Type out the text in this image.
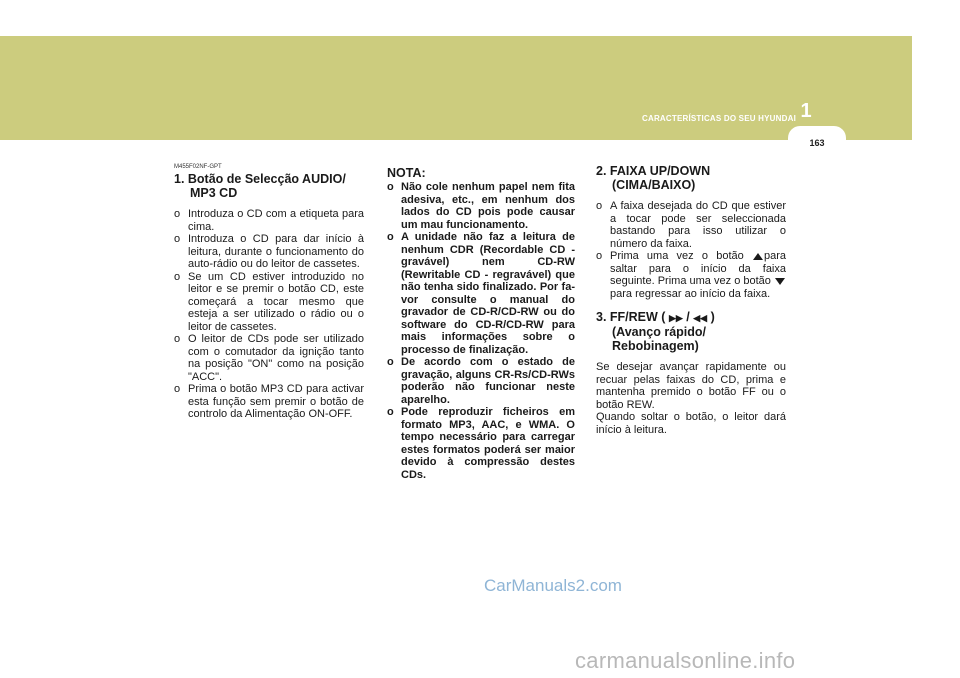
CARACTERÍSTICAS DO SEU HYUNDAI 1
163
M455F02NF-GPT
1. Botão de Selecção AUDIO/
MP3 CD
o Introduza o CD com a etiqueta para cima.
o Introduza o CD para dar início à leitura, durante o funcionamento do auto-rádio ou do leitor de cassetes.
o Se um CD estiver introduzido no leitor e se premir o botão CD, este começará a tocar mesmo que esteja a ser utilizado o rádio ou o leitor de cassetes.
o O leitor de CDs pode ser utilizado com o comutador da ignição tanto na posição "ON" como na posição "ACC".
o Prima o botão MP3 CD para activar esta função sem premir o botão de controlo da Alimentação ON-OFF.
NOTA:
o Não cole nenhum papel nem fita adesiva, etc., em nenhum dos lados do CD pois pode causar um mau funcionamento.
o A unidade não faz a leitura de nenhum CDR (Recordable CD - gravável) nem CD-RW (Rewritable CD - regravável) que não tenha sido finalizado. Por fa-vor consulte o manual do gravador de CD-R/CD-RW ou do software do CD-R/CD-RW para mais informações sobre o processo de finalização.
o De acordo com o estado de gravação, alguns CR-Rs/CD-RWs poderão não funcionar neste aparelho.
o Pode reproduzir ficheiros em formato MP3, AAC, e WMA. O tempo necessário para carregar estes formatos poderá ser maior devido à compressão destes CDs.
2. FAIXA UP/DOWN
(CIMA/BAIXO)
o A faixa desejada do CD que estiver a tocar pode ser seleccionada bastando para isso utilizar o número da faixa.
o Prima uma vez o botão para saltar para o início da faixa seguinte. Prima uma vez o botão para regressar ao início da faixa.
3. FF/REW ( ▶▶ / ◀◀ )
(Avanço rápido/ Rebobinagem)
Se desejar avançar rapidamente ou recuar pelas faixas do CD, prima e mantenha premido o botão FF ou o botão REW.
Quando soltar o botão, o leitor dará início à leitura.
CarManuals2.com
carmanualsonline.info
